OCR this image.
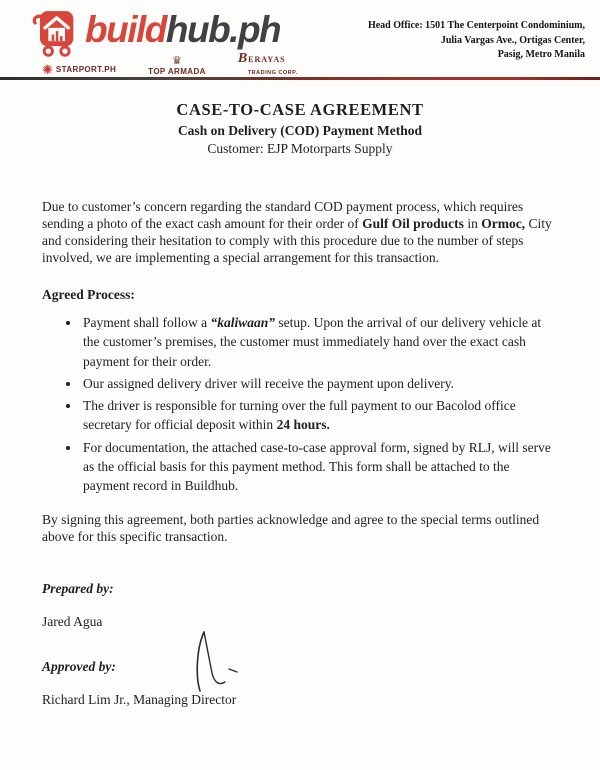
buildhub.ph
✺ STARPORT.PH
♛
TOP ARMADA
BERAYAS
TRADING CORP.
Head Office: 1501 The Centerpoint Condominium,
Julia Vargas Ave., Ortigas Center,
Pasig, Metro Manila
CASE-TO-CASE AGREEMENT
Cash on Delivery (COD) Payment Method
Customer: EJP Motorparts Supply

Due to customer’s concern regarding the standard COD payment process, which requires sending a photo of the exact cash amount for their order of Gulf Oil products in Ormoc, City and considering their hesitation to comply with this procedure due to the number of steps involved, we are implementing a special arrangement for this transaction.

Agreed Process:
• Payment shall follow a “kaliwaan” setup. Upon the arrival of our delivery vehicle at the customer’s premises, the customer must immediately hand over the exact cash payment for their order.
• Our assigned delivery driver will receive the payment upon delivery.
• The driver is responsible for turning over the full payment to our Bacolod office secretary for official deposit within 24 hours.
• For documentation, the attached case-to-case approval form, signed by RLJ, will serve as the official basis for this payment method. This form shall be attached to the payment record in Buildhub.

By signing this agreement, both parties acknowledge and agree to the special terms outlined above for this specific transaction.

Prepared by:
Jared Agua
Approved by:
Richard Lim Jr., Managing Director
